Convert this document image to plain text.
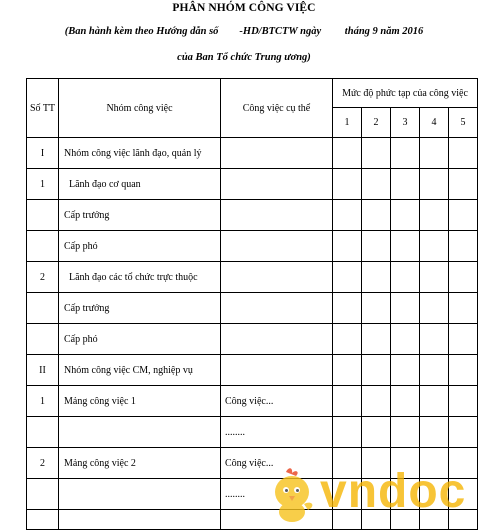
PHÂN NHÓM CÔNG VIỆC
(Ban hành kèm theo Hướng dẫn số        -HD/BTCTW ngày         tháng 9 năm 2016
của Ban Tổ chức Trung ương)
Số TT	Nhóm công việc	Công việc cụ thể	Mức độ phức tạp của công việc				
			1	2	3	4	5
I	Nhóm công việc lãnh đạo, quản lý						
1	Lãnh đạo cơ quan						
	Cấp trưởng						
	Cấp phó						
2	Lãnh đạo các tổ chức trực thuộc						
	Cấp trưởng						
	Cấp phó						
II	Nhóm công việc CM, nghiệp vụ						
1	Mảng công việc 1	Công việc...					
		........					
2	Mảng công việc 2	Công việc...					
		........					
							vndoc
